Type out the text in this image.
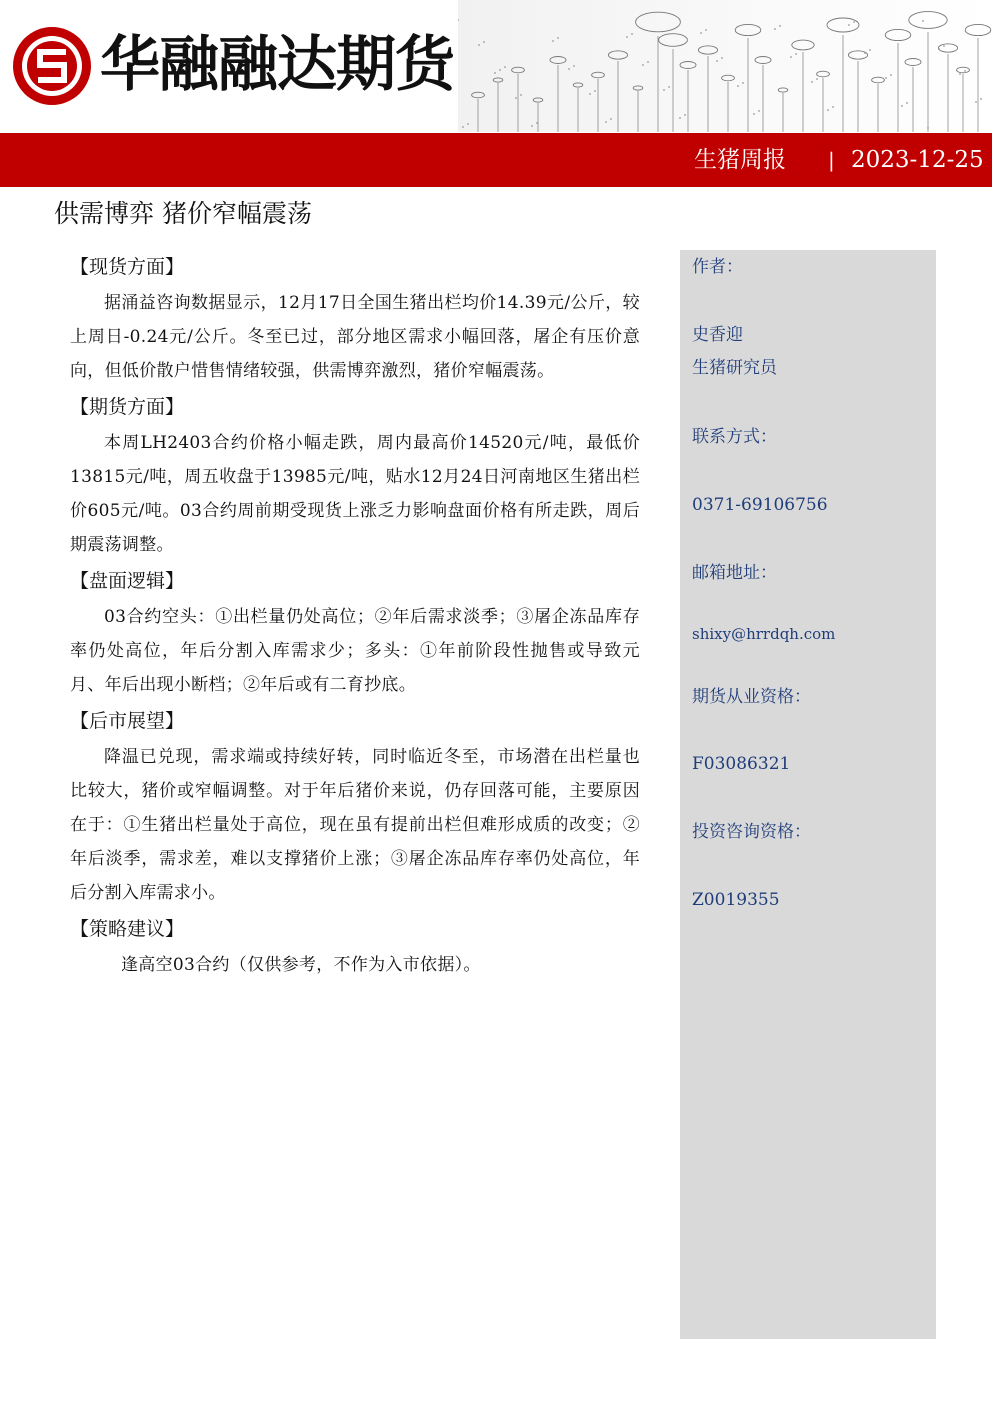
华融融达期货
生猪周报 | 2023-12-25
供需博弈 猪价窄幅震荡
【现货方面】
据涌益咨询数据显示，12月17日全国生猪出栏均价14.39元/公斤，较上周日-0.24元/公斤。冬至已过，部分地区需求小幅回落，屠企有压价意向，但低价散户惜售情绪较强，供需博弈激烈，猪价窄幅震荡。
【期货方面】
本周LH2403合约价格小幅走跌，周内最高价14520元/吨，最低价13815元/吨，周五收盘于13985元/吨，贴水12月24日河南地区生猪出栏价605元/吨。03合约周前期受现货上涨乏力影响盘面价格有所走跌，周后期震荡调整。
【盘面逻辑】
03合约空头：①出栏量仍处高位；②年后需求淡季；③屠企冻品库存率仍处高位，年后分割入库需求少；多头：①年前阶段性抛售或导致元月、年后出现小断档；②年后或有二育抄底。
【后市展望】
降温已兑现，需求端或持续好转，同时临近冬至，市场潜在出栏量也比较大，猪价或窄幅调整。对于年后猪价来说，仍存回落可能，主要原因在于：①生猪出栏量处于高位，现在虽有提前出栏但难形成质的改变；②年后淡季，需求差，难以支撑猪价上涨；③屠企冻品库存率仍处高位，年后分割入库需求小。
【策略建议】
逢高空03合约（仅供参考，不作为入市依据）。
作者：
史香迎
生猪研究员
联系方式：
0371-69106756
邮箱地址：
shixy@hrrdqh.com
期货从业资格：
F03086321
投资咨询资格：
Z0019355
